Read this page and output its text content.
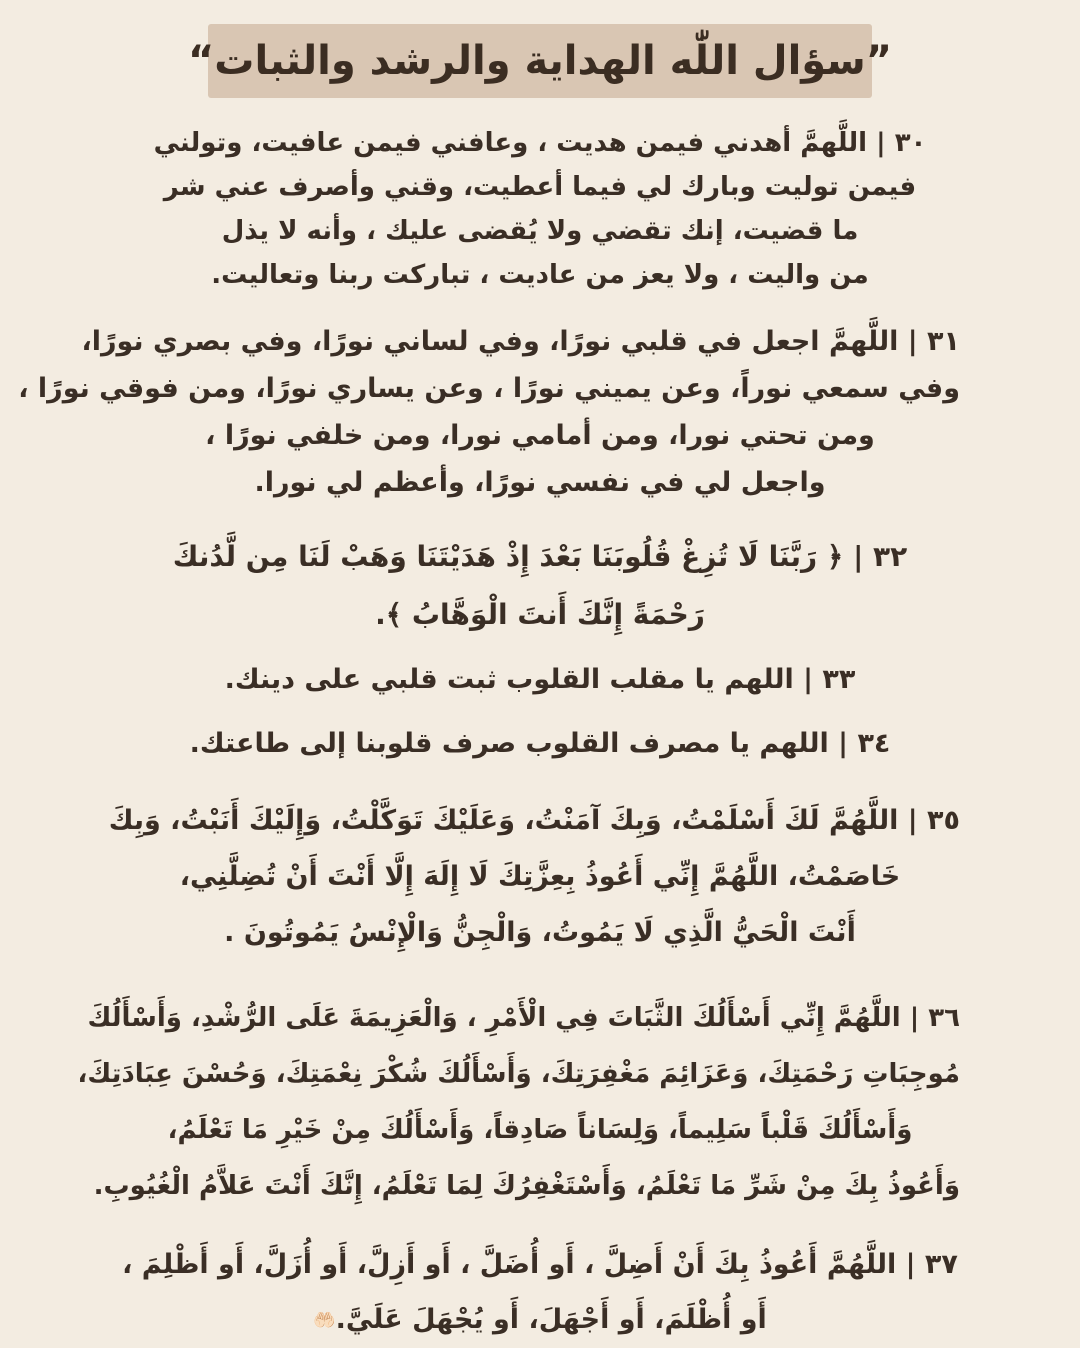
”سؤال اللّٰه الهداية والرشد والثبات“
٣٠ | اللَّهمَّ أهدني فيمن هديت ، وعافني فيمن عافيت، وتولني
فيمن توليت وبارك لي فيما أعطيت، وقني وأصرف عني شر
ما قضيت، إنك تقضي ولا يُقضى عليك ، وأنه لا يذل
من واليت ، ولا يعز من عاديت ، تباركت ربنا وتعاليت.
٣١ | اللَّهمَّ اجعل في قلبي نورًا، وفي لساني نورًا، وفي بصري نورًا،
وفي سمعي نوراً، وعن يميني نورًا ، وعن يساري نورًا، ومن فوقي نورًا ،
ومن تحتي نورا، ومن أمامي نورا، ومن خلفي نورًا ،
واجعل لي في نفسي نورًا، وأعظم لي نورا.
٣٢ | ﴿ رَبَّنَا لَا تُزِغْ قُلُوبَنَا بَعْدَ إِذْ هَدَيْتَنَا وَهَبْ لَنَا مِن لَّدُنكَ
رَحْمَةً إِنَّكَ أَنتَ الْوَهَّابُ ﴾.
٣٣ | اللهم يا مقلب القلوب ثبت قلبي على دينك.
٣٤ | اللهم يا مصرف القلوب صرف قلوبنا إلى طاعتك.
٣٥ | اللَّهُمَّ لَكَ أَسْلَمْتُ، وَبِكَ آمَنْتُ، وَعَلَيْكَ تَوَكَّلْتُ، وَإِلَيْكَ أَنَبْتُ، وَبِكَ
خَاصَمْتُ، اللَّهُمَّ إِنِّي أَعُوذُ بِعِزَّتِكَ لَا إِلَهَ إِلَّا أَنْتَ أَنْ تُضِلَّنِي،
أَنْتَ الْحَيُّ الَّذِي لَا يَمُوتُ، وَالْجِنُّ وَالْإِنْسُ يَمُوتُونَ .
٣٦ | اللَّهُمَّ إِنِّي أَسْأَلُكَ الثَّبَاتَ فِي الْأَمْرِ ، وَالْعَزِيمَةَ عَلَى الرُّشْدِ، وَأَسْأَلُكَ
مُوجِبَاتِ رَحْمَتِكَ، وَعَزَائِمَ مَغْفِرَتِكَ، وَأَسْأَلُكَ شُكْرَ نِعْمَتِكَ، وَحُسْنَ عِبَادَتِكَ،
وَأَسْأَلُكَ قَلْباً سَلِيماً، وَلِسَاناً صَادِقاً، وَأَسْأَلُكَ مِنْ خَيْرِ مَا تَعْلَمُ،
وَأَعُوذُ بِكَ مِنْ شَرِّ مَا تَعْلَمُ، وَأَسْتَغْفِرُكَ لِمَا تَعْلَمُ، إِنَّكَ أَنْتَ عَلاَّمُ الْغُيُوبِ.
٣٧ | اللَّهُمَّ أَعُوذُ بِكَ أَنْ أَضِلَّ ، أَو أُضَلَّ ، أَو أَزِلَّ، أَو أُزَلَّ، أَو أَظْلِمَ ،
أَو أُظْلَمَ، أَو أَجْهَلَ، أَو يُجْهَلَ عَلَيَّ.🤲🏻
